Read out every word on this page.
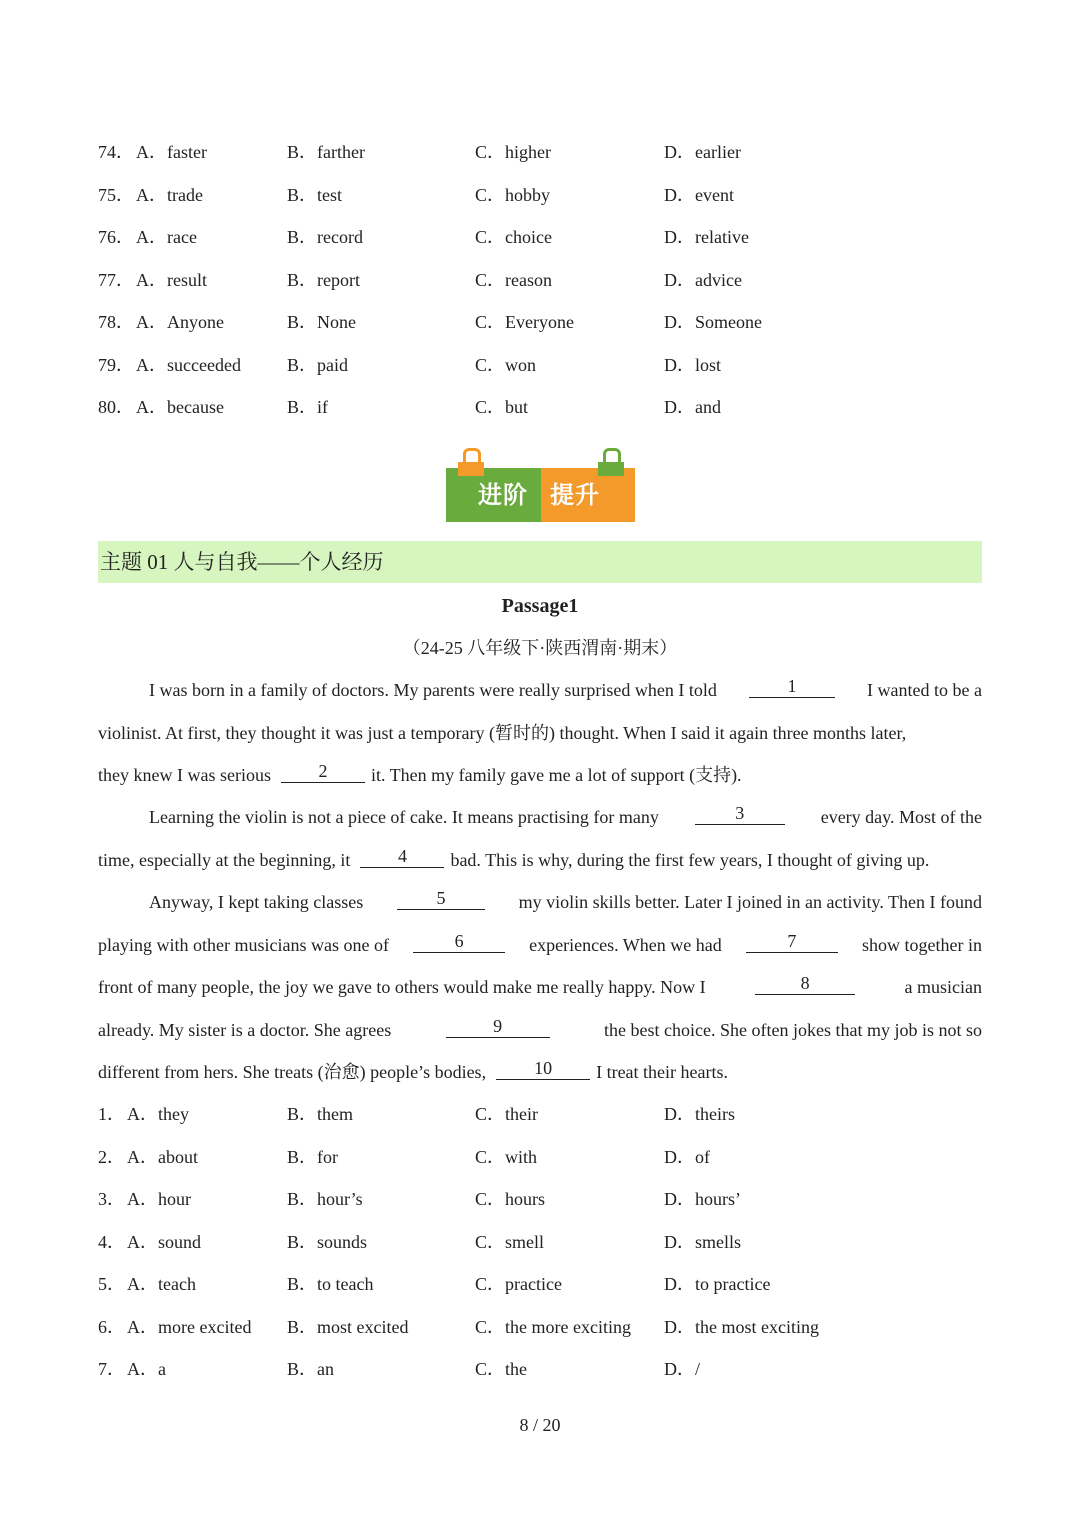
74． A．faster	B．farther	C．higher	D．earlier
75． A．trade	B．test	C．hobby	D．event
76． A．race	B．record	C．choice	D．relative
77． A．result	B．report	C．reason	D．advice
78． A．Anyone	B．None	C．Everyone	D．Someone
79． A．succeeded	B．paid	C．won	D．lost
80． A．because	B．if	C．but	D．and
进阶 提升
主题 01 人与自我——个人经历
Passage1
（24-25 八年级下·陕西渭南·期末）
I was born in a family of doctors. My parents were really surprised when I told	1	I wanted to be a
violinist. At first, they thought it was just a temporary (暂时的) thought. When I said it again three months later,
they knew I was serious	2	it. Then my family gave me a lot of support (支持).
Learning the violin is not a piece of cake. It means practising for many	3	every day. Most of the
time, especially at the beginning, it	4	bad. This is why, during the first few years, I thought of giving up.
Anyway, I kept taking classes	5	my violin skills better. Later I joined in an activity. Then I found
playing with other musicians was one of	6	experiences. When we had	7	show together in
front of many people, the joy we gave to others would make me really happy. Now I	8	a musician
already. My sister is a doctor. She agrees	9	the best choice. She often jokes that my job is not so
different from hers. She treats (治愈) people’s bodies,	10	I treat their hearts.
1． A．they	B．them	C．their	D．theirs
2． A．about	B．for	C．with	D．of
3． A．hour	B．hour’s	C．hours	D．hours’
4． A．sound	B．sounds	C．smell	D．smells
5． A．teach	B．to teach	C．practice	D．to practice
6． A．more excited B．most excited	C．the more exciting D．the most exciting
7． A．a	B．an	C．the	D．/
8 / 20
